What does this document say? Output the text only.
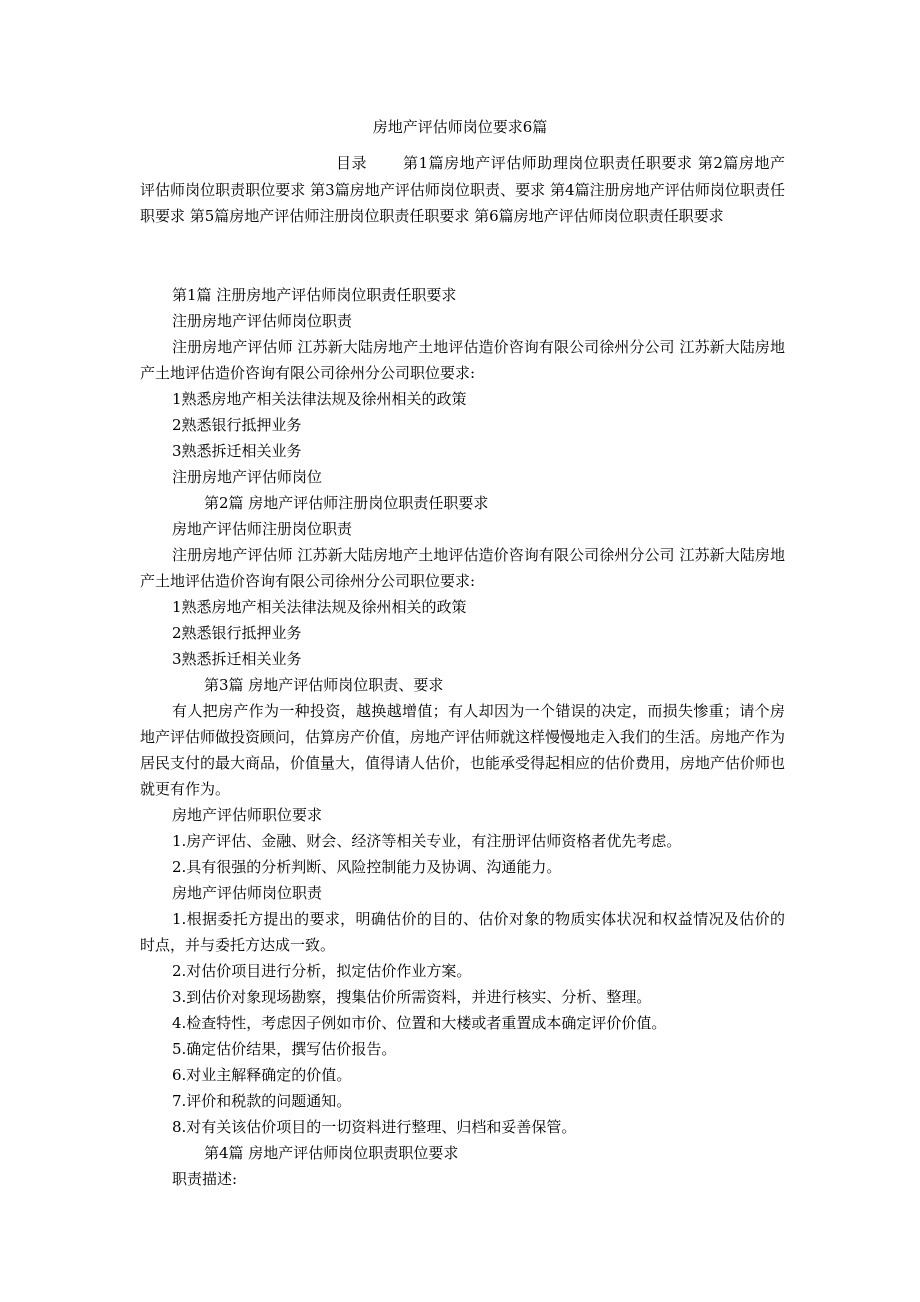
房地产评估师岗位要求6篇
目录 第1篇房地产评估师助理岗位职责任职要求 第2篇房地产评估师岗位职责职位要求 第3篇房地产评估师岗位职责、要求 第4篇注册房地产评估师岗位职责任职要求 第5篇房地产评估师注册岗位职责任职要求 第6篇房地产评估师岗位职责任职要求

第1篇 注册房地产评估师岗位职责任职要求

注册房地产评估师岗位职责

注册房地产评估师 江苏新大陆房地产土地评估造价咨询有限公司徐州分公司 江苏新大陆房地产土地评估造价咨询有限公司徐州分公司职位要求:

1熟悉房地产相关法律法规及徐州相关的政策

2熟悉银行抵押业务

3熟悉拆迁相关业务

注册房地产评估师岗位

第2篇 房地产评估师注册岗位职责任职要求

房地产评估师注册岗位职责

注册房地产评估师 江苏新大陆房地产土地评估造价咨询有限公司徐州分公司 江苏新大陆房地产土地评估造价咨询有限公司徐州分公司职位要求:

1熟悉房地产相关法律法规及徐州相关的政策

2熟悉银行抵押业务

3熟悉拆迁相关业务

第3篇 房地产评估师岗位职责、要求

有人把房产作为一种投资，越换越增值；有人却因为一个错误的决定，而损失惨重；请个房地产评估师做投资顾问，估算房产价值，房地产评估师就这样慢慢地走入我们的生活。房地产作为居民支付的最大商品，价值量大，值得请人估价，也能承受得起相应的估价费用，房地产估价师也就更有作为。

房地产评估师职位要求

1.房产评估、金融、财会、经济等相关专业，有注册评估师资格者优先考虑。

2.具有很强的分析判断、风险控制能力及协调、沟通能力。

房地产评估师岗位职责

1.根据委托方提出的要求，明确估价的目的、估价对象的物质实体状况和权益情况及估价的时点，并与委托方达成一致。

2.对估价项目进行分析，拟定估价作业方案。

3.到估价对象现场勘察，搜集估价所需资料，并进行核实、分析、整理。

4.检查特性，考虑因子例如市价、位置和大楼或者重置成本确定评价价值。

5.确定估价结果，撰写估价报告。

6.对业主解释确定的价值。

7.评价和税款的问题通知。

8.对有关该估价项目的一切资料进行整理、归档和妥善保管。

第4篇 房地产评估师岗位职责职位要求

职责描述:
